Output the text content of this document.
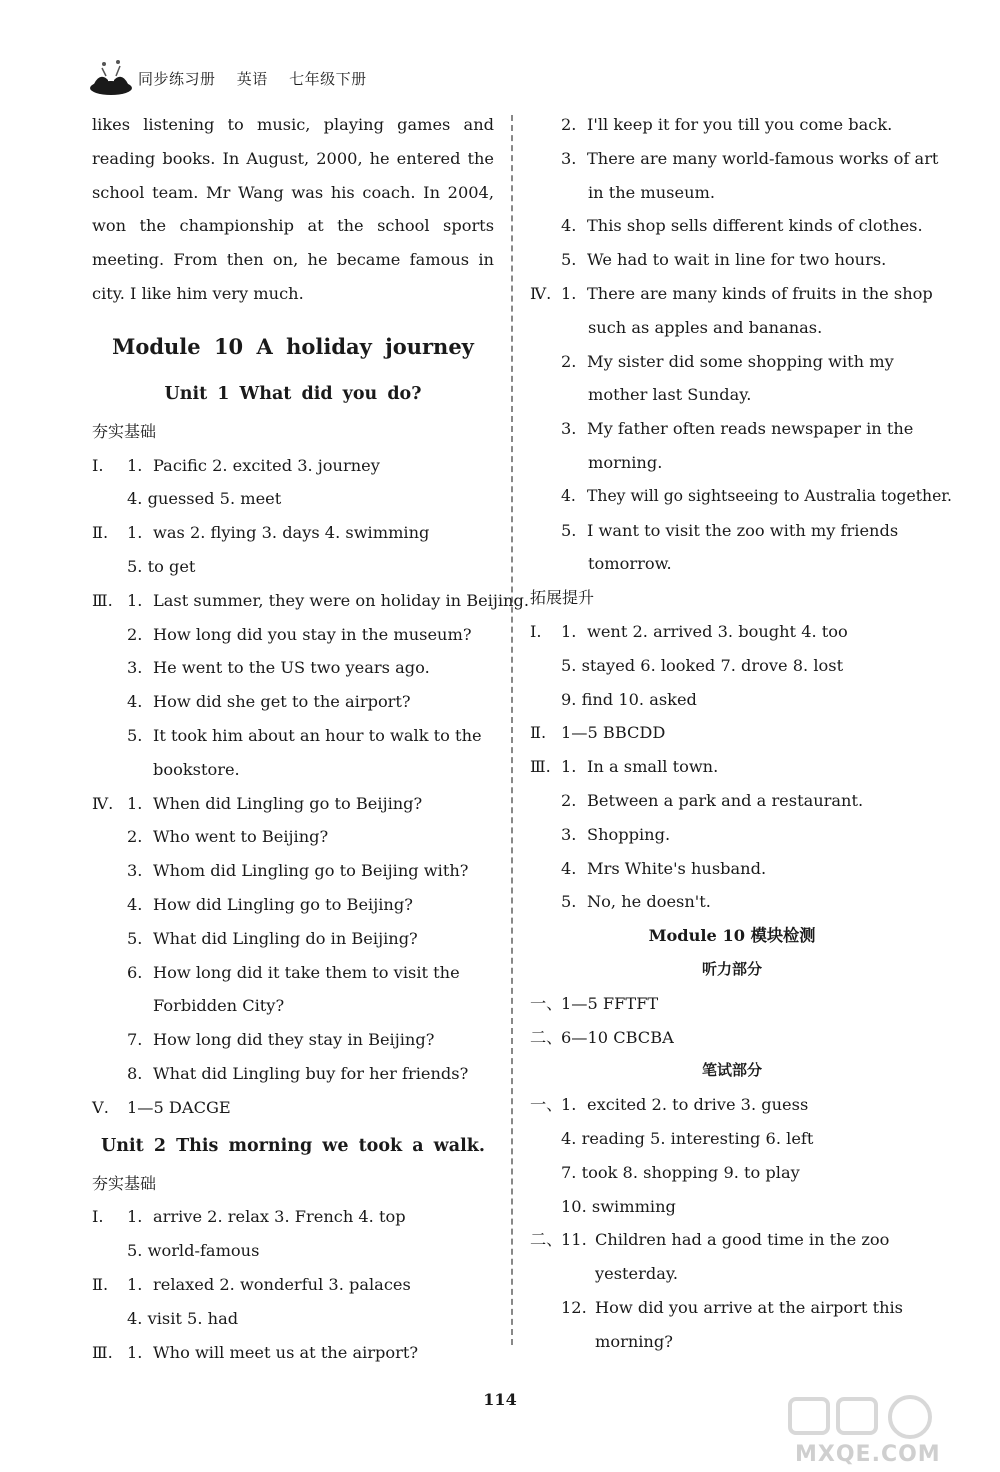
同步练习册 英语 七年级下册
likes listening to music, playing games and
reading books. In August, 2000, he entered the
school team. Mr Wang was his coach. In 2004,
won the championship at the school sports
meeting. From then on, he became famous in
city. I like him very much.
Module 10 A holiday journey
Unit 1 What did you do?
夯实基础
Ⅰ. 1. Pacific 2. excited 3. journey
4. guessed 5. meet
Ⅱ. 1. was 2. flying 3. days 4. swimming
5. to get
Ⅲ. 1. Last summer, they were on holiday in Beijing.
2. How long did you stay in the museum?
3. He went to the US two years ago.
4. How did she get to the airport?
5. It took him about an hour to walk to the
bookstore.
Ⅳ. 1. When did Lingling go to Beijing?
2. Who went to Beijing?
3. Whom did Lingling go to Beijing with?
4. How did Lingling go to Beijing?
5. What did Lingling do in Beijing?
6. How long did it take them to visit the
Forbidden City?
7. How long did they stay in Beijing?
8. What did Lingling buy for her friends?
Ⅴ. 1—5 DACGE
Unit 2 This morning we took a walk.
夯实基础
Ⅰ. 1. arrive 2. relax 3. French 4. top
5. world-famous
Ⅱ. 1. relaxed 2. wonderful 3. palaces
4. visit 5. had
Ⅲ. 1. Who will meet us at the airport?
2. I'll keep it for you till you come back.
3. There are many world-famous works of art
in the museum.
4. This shop sells different kinds of clothes.
5. We had to wait in line for two hours.
Ⅳ. 1. There are many kinds of fruits in the shop
such as apples and bananas.
2. My sister did some shopping with my
mother last Sunday.
3. My father often reads newspaper in the
morning.
4. They will go sightseeing to Australia together.
5. I want to visit the zoo with my friends
tomorrow.
拓展提升
Ⅰ. 1. went 2. arrived 3. bought 4. too
5. stayed 6. looked 7. drove 8. lost
9. find 10. asked
Ⅱ. 1—5 BBCDD
Ⅲ. 1. In a small town.
2. Between a park and a restaurant.
3. Shopping.
4. Mrs White's husband.
5. No, he doesn't.
Module 10 模块检测
听力部分
一、1—5 FFTFT
二、6—10 CBCBA
笔试部分
一、1. excited 2. to drive 3. guess
4. reading 5. interesting 6. left
7. took 8. shopping 9. to play
10. swimming
二、11. Children had a good time in the zoo
yesterday.
12. How did you arrive at the airport this
morning?
114
MXQE.COM
